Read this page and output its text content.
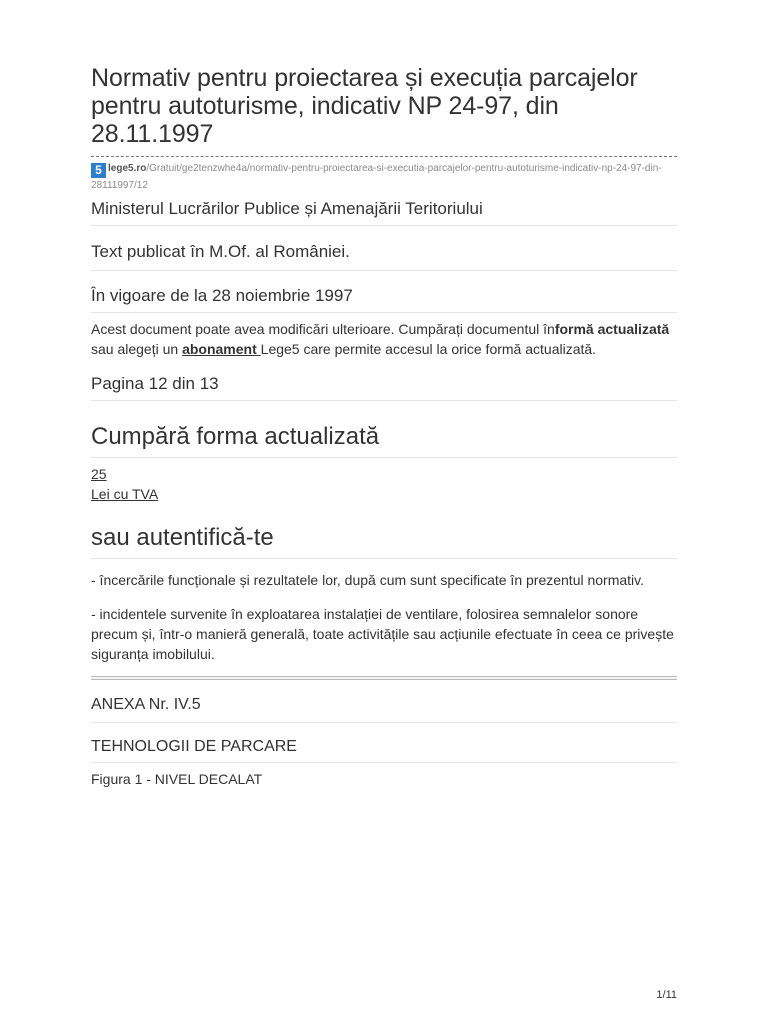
Normativ pentru proiectarea și execuția parcajelor pentru autoturisme, indicativ NP 24-97, din 28.11.1997
5 lege5.ro/Gratuit/ge2tenzwhe4a/normativ-pentru-proiectarea-si-executia-parcajelor-pentru-autoturisme-indicativ-np-24-97-din-28111997/12
Ministerul Lucrărilor Publice și Amenajării Teritoriului
Text publicat în M.Of. al României.
În vigoare de la 28 noiembrie 1997
Acest document poate avea modificări ulterioare. Cumpărați documentul înformă actualizată sau alegeți un abonament Lege5 care permite accesul la orice formă actualizată.
Pagina 12 din 13
Cumpără forma actualizată
25
Lei cu TVA
sau autentifică-te
- încercările funcționale și rezultatele lor, după cum sunt specificate în prezentul normativ.
- incidentele survenite în exploatarea instalației de ventilare, folosirea semnalelor sonore precum și, într-o manieră generală, toate activitățile sau acțiunile efectuate în ceea ce privește siguranța imobilului.
ANEXA Nr. IV.5
TEHNOLOGII DE PARCARE
Figura 1 - NIVEL DECALAT
1/11
